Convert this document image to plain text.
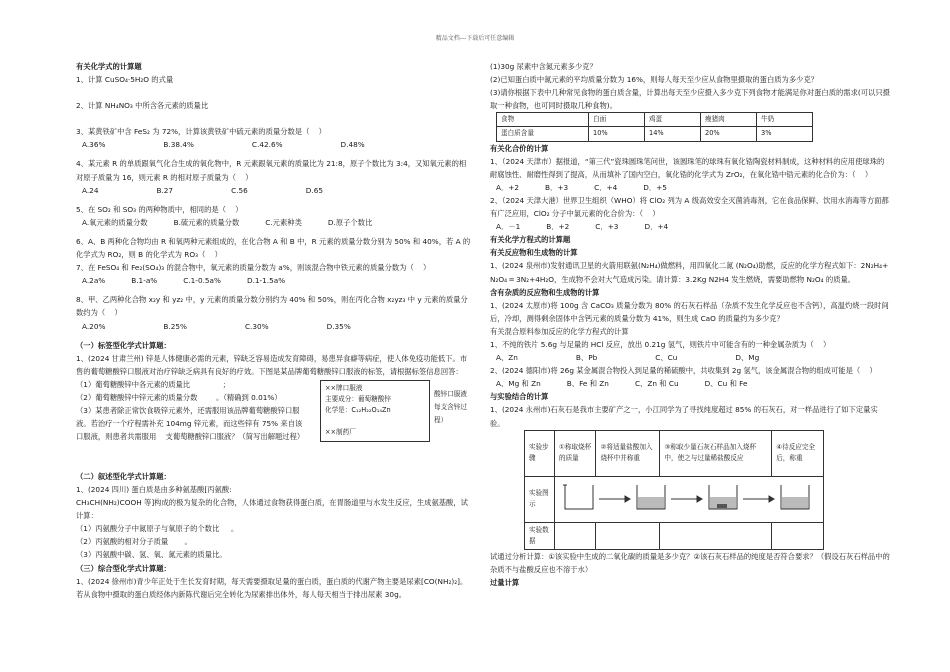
精品文档---下载后可任意编辑
有关化学式的计算题
1、计算 CuSO₄·5H₂O 的式量
2、计算 NH₄NO₃ 中所含各元素的质量比
3、某黄铁矿中含 FeS₂ 为 72%，计算该黄铁矿中硫元素的质量分数是（    ）
A.36%	B.38.4%	C.42.6%	D.48%
4、某元素 R 的单质跟氧气化合生成的氧化物中，R 元素跟氧元素的质量比为 21:8，原子个数比为 3:4，又知氧元素的相对原子质量为 16，则元素 R 的相对原子质量为（    ）
A.24	B.27	C.56	D.65
5、在 SO₂ 和 SO₃ 的两种物质中，相同的是（    ）
A.氧元素的质量分数	B.硫元素的质量分数	C.元素种类	D.原子个数比
6、A、B 两种化合物均由 R 和氧两种元素组成的，在化合物 A 和 B 中，R 元素的质量分数分别为 50% 和 40%，若 A 的化学式为 RO₂，则 B 的化学式为 RO₃（    ）
7、在 FeSO₄ 和 Fe₂(SO₄)₃ 的混合物中，氧元素的质量分数为 a%，则该混合物中铁元素的质量分数为（    ）
A.2a%	B.1-a%	C.1-0.5a%	D.1-1.5a%
8、甲、乙两种化合物 x₂y 和 yz₂ 中，y 元素的质量分数分别约为 40% 和 50%，则在丙化合物 x₂yz₃ 中 y 元素的质量分数约为（    ）
A.20%	B.25%	C.30%	D.35%
（一）标签型化学式计算题：
1、(2024 甘肃兰州) 锌是人体健康必需的元素，锌缺乏容易造成发育障碍，易患异食癖等病症，使人体免疫功能低下。市售的葡萄糖酸锌口服液对治疗锌缺乏病具有良好的疗效。下图是某品牌葡萄糖酸锌口服液的标签，请根据标签信息回答：
（1）葡萄糖酸锌中各元素的质量比              ；
（2）葡萄糖酸锌中锌元素的质量分数        。（精确到 0.01%）
（3）某患者除正常饮食吸锌元素外，还需服用该品牌葡萄糖酸锌口服液。若治疗一个疗程需补充 104mg 锌元素，而这些锌有 75% 来自该口服液，则患者共需服用    支葡萄糖酸锌口服液？（简写出解题过程）
××牌口服液
主要成分：葡萄糖酸锌
化学是：C₁₂H₂₂O₁₄Zn

××制药厂
酸锌口服液每支含锌过程）
（二）叙述型化学式计算题：
1、(2024 四川) 蛋白质是由多种氨基酸[丙氨酸:
CH₃CH(NH₂)COOH 等]构成的极为复杂的化合物，人体通过食物获得蛋白质，在胃肠道里与水发生反应，生成氨基酸，试计算：
（1）丙氨酸分子中氮原子与氧原子的个数比     。
（2）丙氨酸的相对分子质量       。
（3）丙氨酸中碳、氢、氧、氮元素的质量比。
（三）综合型化学式计算题：
1、(2024 徐州市)青少年正处于生长发育时期，每天需要摄取足量的蛋白质，蛋白质的代谢产物主要是尿素[CO(NH₂)₂]。若从食物中摄取的蛋白质经体内新陈代谢后完全转化为尿素排出体外，每人每天相当于排出尿素 30g。
(1)30g 尿素中含氮元素多少克？
(2)已知蛋白质中氮元素的平均质量分数为 16%，则每人每天至少应从食物里摄取的蛋白质为多少克？
(3)请你根据下表中几种常见食物的蛋白质含量，计算出每天至少应摄入多少克下列食物才能满足你对蛋白质的需求(可以只摄取一种食物，也可同时摄取几种食物)。
食物	白面	鸡蛋	瘦猪肉	牛奶
蛋白质含量	10%	14%	20%	3%
有关化合价的计算
1、（2024 天津市）据报道，“第三代”瓷珠圆珠笔问世，该圆珠笔的球珠有氧化锆陶瓷材料制成，这种材料的应用使球珠的耐腐蚀性、耐磨性得到了提高，从而填补了国内空白，氧化锆的化学式为 ZrO₂，在氧化锆中锆元素的化合价为：（    ）
A．+2	B．+3	C．+4	D．+5
2、（2024 天津大港）世界卫生组织（WHO）将 ClO₂ 列为 A 级高效安全灭菌消毒剂，它在食品保鲜、饮用水消毒等方面都有广泛应用，ClO₂ 分子中氯元素的化合价为：（    ）
A．－1	B．+2	C．+3	D．+4
有关化学方程式的计算题
有关反应物和生成物的计算
1、(2024 泉州市)发射通讯卫星的火箭用联氨(N₂H₄)做燃料，用四氧化二氮 (N₂O₄)助燃，反应的化学方程式如下：2N₂H₄+ N₂O₄ ═ 3N₂+4H₂O，生成物不会对大气造成污染。请计算：3.2Kg N2H4 发生燃烧，需要助燃物 N₂O₄ 的质量。
含有杂质的反应物和生成物的计算
1、(2024 太原市)将 100g 含 CaCO₃ 质量分数为 80% 的石灰石样品（杂质不发生化学反应也不含钙），高温灼烧一段时间后，冷却，测得剩余固体中含钙元素的质量分数为 41%，则生成 CaO 的质量约为多少克？
有关混合原料参加反应的化学方程式的计算
1、不纯的铁片 5.6g 与足量的 HCl 反应，放出 0.21g 氢气，则铁片中可能含有的一种金属杂质为（    ）
A、Zn	B、Pb	C、Cu	D、Mg
2、(2024 德阳市)将 26g 某金属混合物投入到足量的稀硫酸中，共收集到 2g 氢气，该金属混合物的组成可能是（    ）
A、Mg 和 Zn	B、Fe 和 Zn	C、Zn 和 Cu	D、Cu 和 Fe
与实验结合的计算
1、(2024 永州市)石灰石是我市主要矿产之一，小江同学为了寻找纯度超过 85% 的石灰石，对一样品进行了如下定量实验。
实验步骤	①称取烧杯的质量	②将适量盐酸加入烧杯中并称重	③称取少量石灰石样品加入烧杯中，使之与过量稀盐酸反应	④待反应完全后，称重
实验图示	
实验数据				
试通过分析计算：①该实验中生成的二氧化碳的质量是多少克？②该石灰石样品的纯度是否符合要求？（假设石灰石样品中的杂质不与盐酸反应也不溶于水）
过量计算
